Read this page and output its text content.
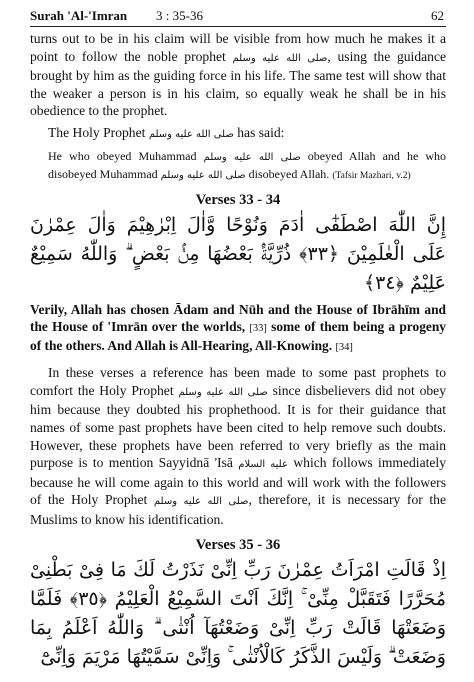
Surah 'Al-'Imran 3 : 35-36	62

turns out to be in his claim will be visible from how much he makes it a point to follow the noble prophet صلى الله عليه وسلم, using the guidance brought by him as the guiding force in his life. The same test will show that the weaker a person is in his claim, so equally weak he shall be in his obedience to the prophet.

The Holy Prophet صلى الله عليه وسلم has said:

He who obeyed Muhammad صلى الله عليه وسلم obeyed Allah and he who disobeyed Muhammad صلى الله عليه وسلم disobeyed Allah. (Tafsir Mazhari, v.2)

Verses 33 - 34

إِنَّ اللّٰهَ اصْطَفٰٓى اٰدَمَ وَنُوْحًا وَّاٰلَ اِبْرٰهِيْمَ وَاٰلَ عِمْرٰنَ عَلَى الْعٰلَمِيْنَ ﴿٣٣﴾ ذُرِّيَّةًۢ بَعْضُهَا مِنْۢ بَعْضٍ ۗ وَاللّٰهُ سَمِيْعٌ عَلِيْمٌ ﴿٣٤﴾

Verily, Allah has chosen Ādam and Nūh and the House of Ibrāhīm and the House of 'Imrān over the worlds, [33] some of them being a progeny of the others. And Allah is All-Hearing, All-Knowing. [34]

In these verses a reference has been made to some past prophets to comfort the Holy Prophet صلى الله عليه وسلم since disbelievers did not obey him because they doubted his prophethood. It is for their guidance that names of some past prophets have been cited to help remove such doubts. However, these prophets have been referred to very briefly as the main purpose is to mention Sayyidnā 'Isā عليه السلام which follows immediately because he will come again to this world and will work with the followers of the Holy Prophet صلى الله عليه وسلم, therefore, it is necessary for the Muslims to know his identification.

Verses 35 - 36

اِذْ قَالَتِ امْرَاَتُ عِمْرٰنَ رَبِّ اِنِّىْ نَذَرْتُ لَكَ مَا فِىْ بَطْنِىْ مُحَرَّرًا فَتَقَبَّلْ مِنِّىْ ۚ اِنَّكَ اَنْتَ السَّمِيْعُ الْعَلِيْمُ ﴿٣٥﴾ فَلَمَّا وَضَعَتْهَا قَالَتْ رَبِّ اِنِّىْ وَضَعْتُهَآ اُنْثٰى ۗ وَاللّٰهُ اَعْلَمُ بِمَا وَضَعَتْ ۗ وَلَيْسَ الذَّكَرُ كَالْاُنْثٰى ۚ وَاِنِّىْ سَمَّيْتُهَا مَرْيَمَ وَاِنِّىْٓ
